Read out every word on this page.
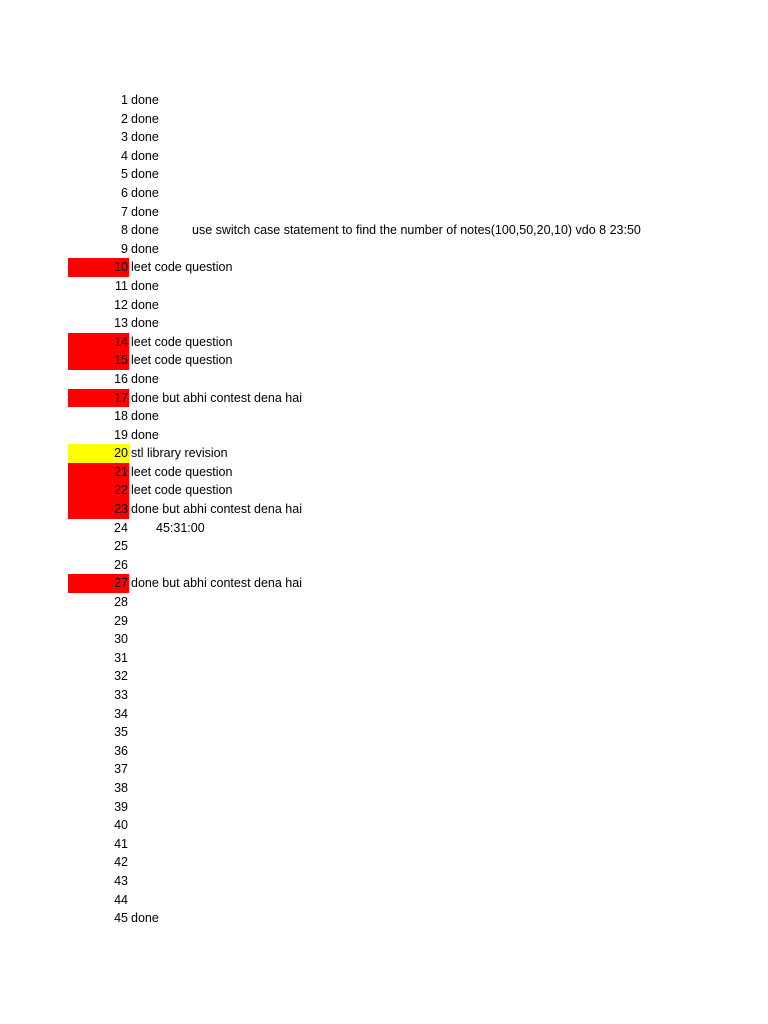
1 done
2 done
3 done
4 done
5 done
6 done
7 done
8 done	use switch case statement to find the number of notes(100,50,20,10) vdo 8 23:50
9 done
10 leet code question
11 done
12 done
13 done
14 leet code question
15 leet code question
16 done
17 done but abhi contest dena hai
18 done
19 done
20 stl library revision
21 leet code question
22 leet code question
23 done but abhi contest dena hai
24 45:31:00
25
26
27 done but abhi contest dena hai
28
29
30
31
32
33
34
35
36
37
38
39
40
41
42
43
44
45 done
